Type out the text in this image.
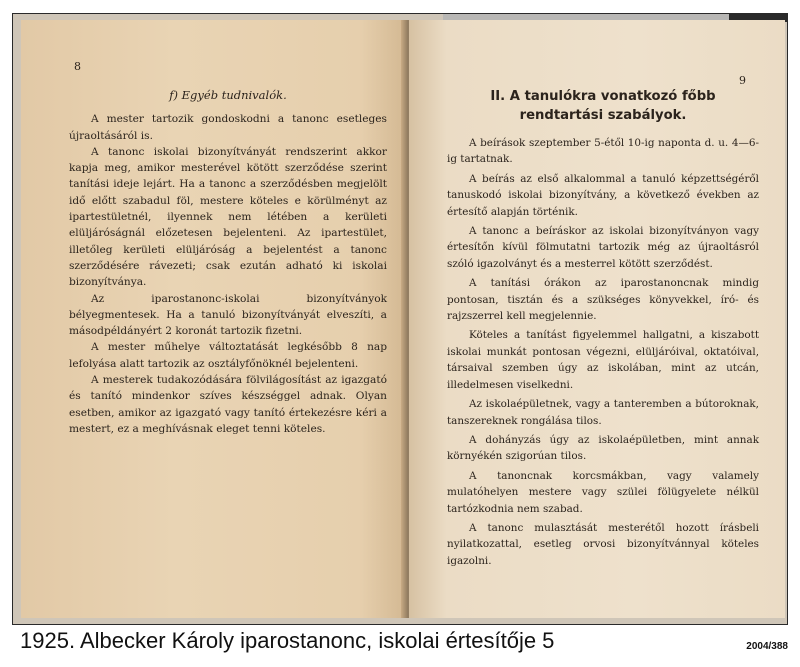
8
f) Egyéb tudnivalók.

A mester tartozik gondoskodni a tanonc esetleges újraoltásáról is.

A tanonc iskolai bizonyítványát rendszerint akkor kapja meg, amikor mesterével kötött szerződése szerint tanítási ideje lejárt. Ha a tanonc a szerződésben megjelölt idő előtt szabadul föl, mestere köteles e körülményt az ipartestületnél, ilyennek nem létében a kerületi elüljáróságnál előzetesen bejelenteni. Az ipartestület, illetőleg kerületi elüljáróság a bejelentést a tanonc szerződésére rávezeti; csak ezután adható ki iskolai bizonyítványa.

Az iparostanonc-iskolai bizonyítványok bélyegmentesek. Ha a tanuló bizonyítványát elveszíti, a másodpéldányért 2 koronát tartozik fizetni.

A mester műhelye változtatását legkésőbb 8 nap lefolyása alatt tartozik az osztályfőnöknél bejelenteni.

A mesterek tudakozódására fölvilágosítást az igazgató és tanító mindenkor szíves készséggel adnak. Olyan esetben, amikor az igazgató vagy tanító értekezésre kéri a mestert, ez a meghívásnak eleget tenni köteles.

9
II. A tanulókra vonatkozó főbb rendtartási szabályok.

A beírások szeptember 5-étől 10-ig naponta d. u. 4—6-ig tartatnak.

A beírás az első alkalommal a tanuló képzettségéről tanuskodó iskolai bizonyítvány, a következő években az értesítő alapján történik.

A tanonc a beíráskor az iskolai bizonyítványon vagy értesítőn kívül fölmutatni tartozik még az újraoltásról szóló igazolványt és a mesterrel kötött szerződést.

A tanítási órákon az iparostanoncnak mindig pontosan, tisztán és a szükséges könyvekkel, író- és rajzszerrel kell megjelennie.

Köteles a tanítást figyelemmel hallgatni, a kiszabott iskolai munkát pontosan végezni, elüljáróival, oktatóival, társaival szemben úgy az iskolában, mint az utcán, illedelmesen viselkedni.

Az iskolaépületnek, vagy a tanteremben a bútoroknak, tanszereknek rongálása tilos.

A dohányzás úgy az iskolaépületben, mint annak környékén szigorúan tilos.

A tanoncnak korcsmákban, vagy valamely mulatóhelyen mestere vagy szülei fölügyelete nélkül tartózkodnia nem szabad.

A tanonc mulasztását mesterétől hozott írásbeli nyilatkozattal, esetleg orvosi bizonyítvánnyal köteles igazolni.

1925. Albecker Károly iparostanonc, iskolai értesítője 5	2004/388
